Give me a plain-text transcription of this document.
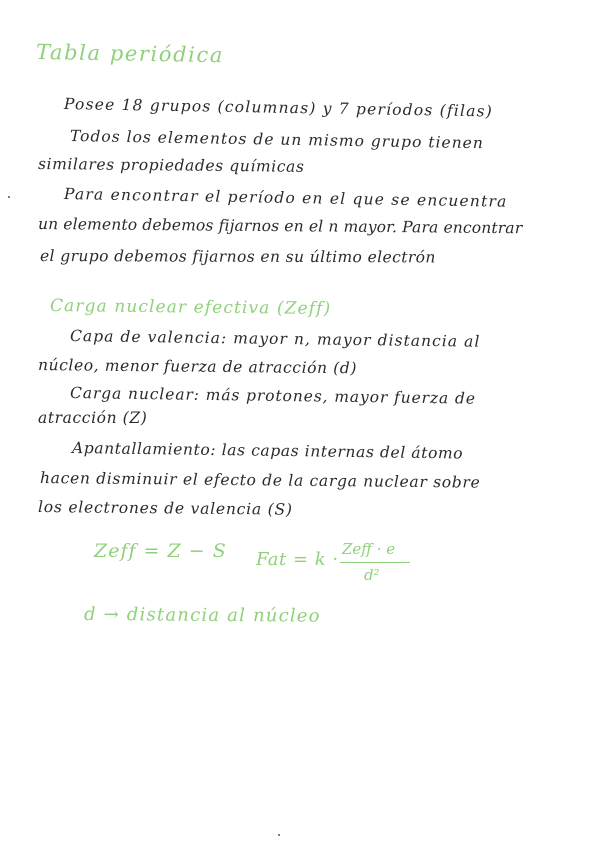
Tabla periódica
Posee 18 grupos (columnas) y 7 períodos (filas)
Todos los elementos de un mismo grupo tienen
similares propiedades químicas
Para encontrar el período en el que se encuentra
un elemento debemos fijarnos en el n mayor. Para encontrar
el grupo debemos fijarnos en su último electrón
Carga nuclear efectiva (Zeff)
Capa de valencia: mayor n, mayor distancia al
núcleo, menor fuerza de atracción (d)
Carga nuclear: más protones, mayor fuerza de
atracción (Z)
Apantallamiento: las capas internas del átomo
hacen disminuir el efecto de la carga nuclear sobre
los electrones de valencia (S)
Zeff = Z − S Fat = k · Zeff · e
d²
d → distancia al núcleo
